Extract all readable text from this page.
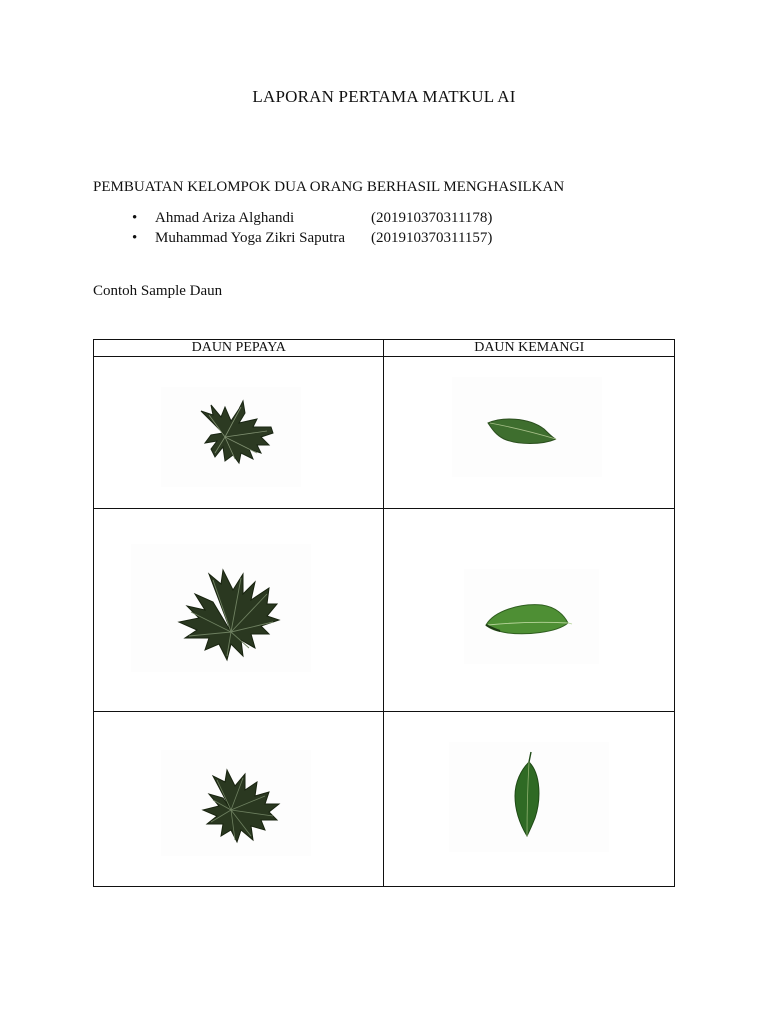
LAPORAN PERTAMA MATKUL AI
PEMBUATAN KELOMPOK DUA ORANG BERHASIL MENGHASILKAN
• Ahmad Ariza Alghandi	(201910370311178)
• Muhammad Yoga Zikri Saputra (201910370311157)
Contoh Sample Daun
DAUN PEPAYA	DAUN KEMANGI
